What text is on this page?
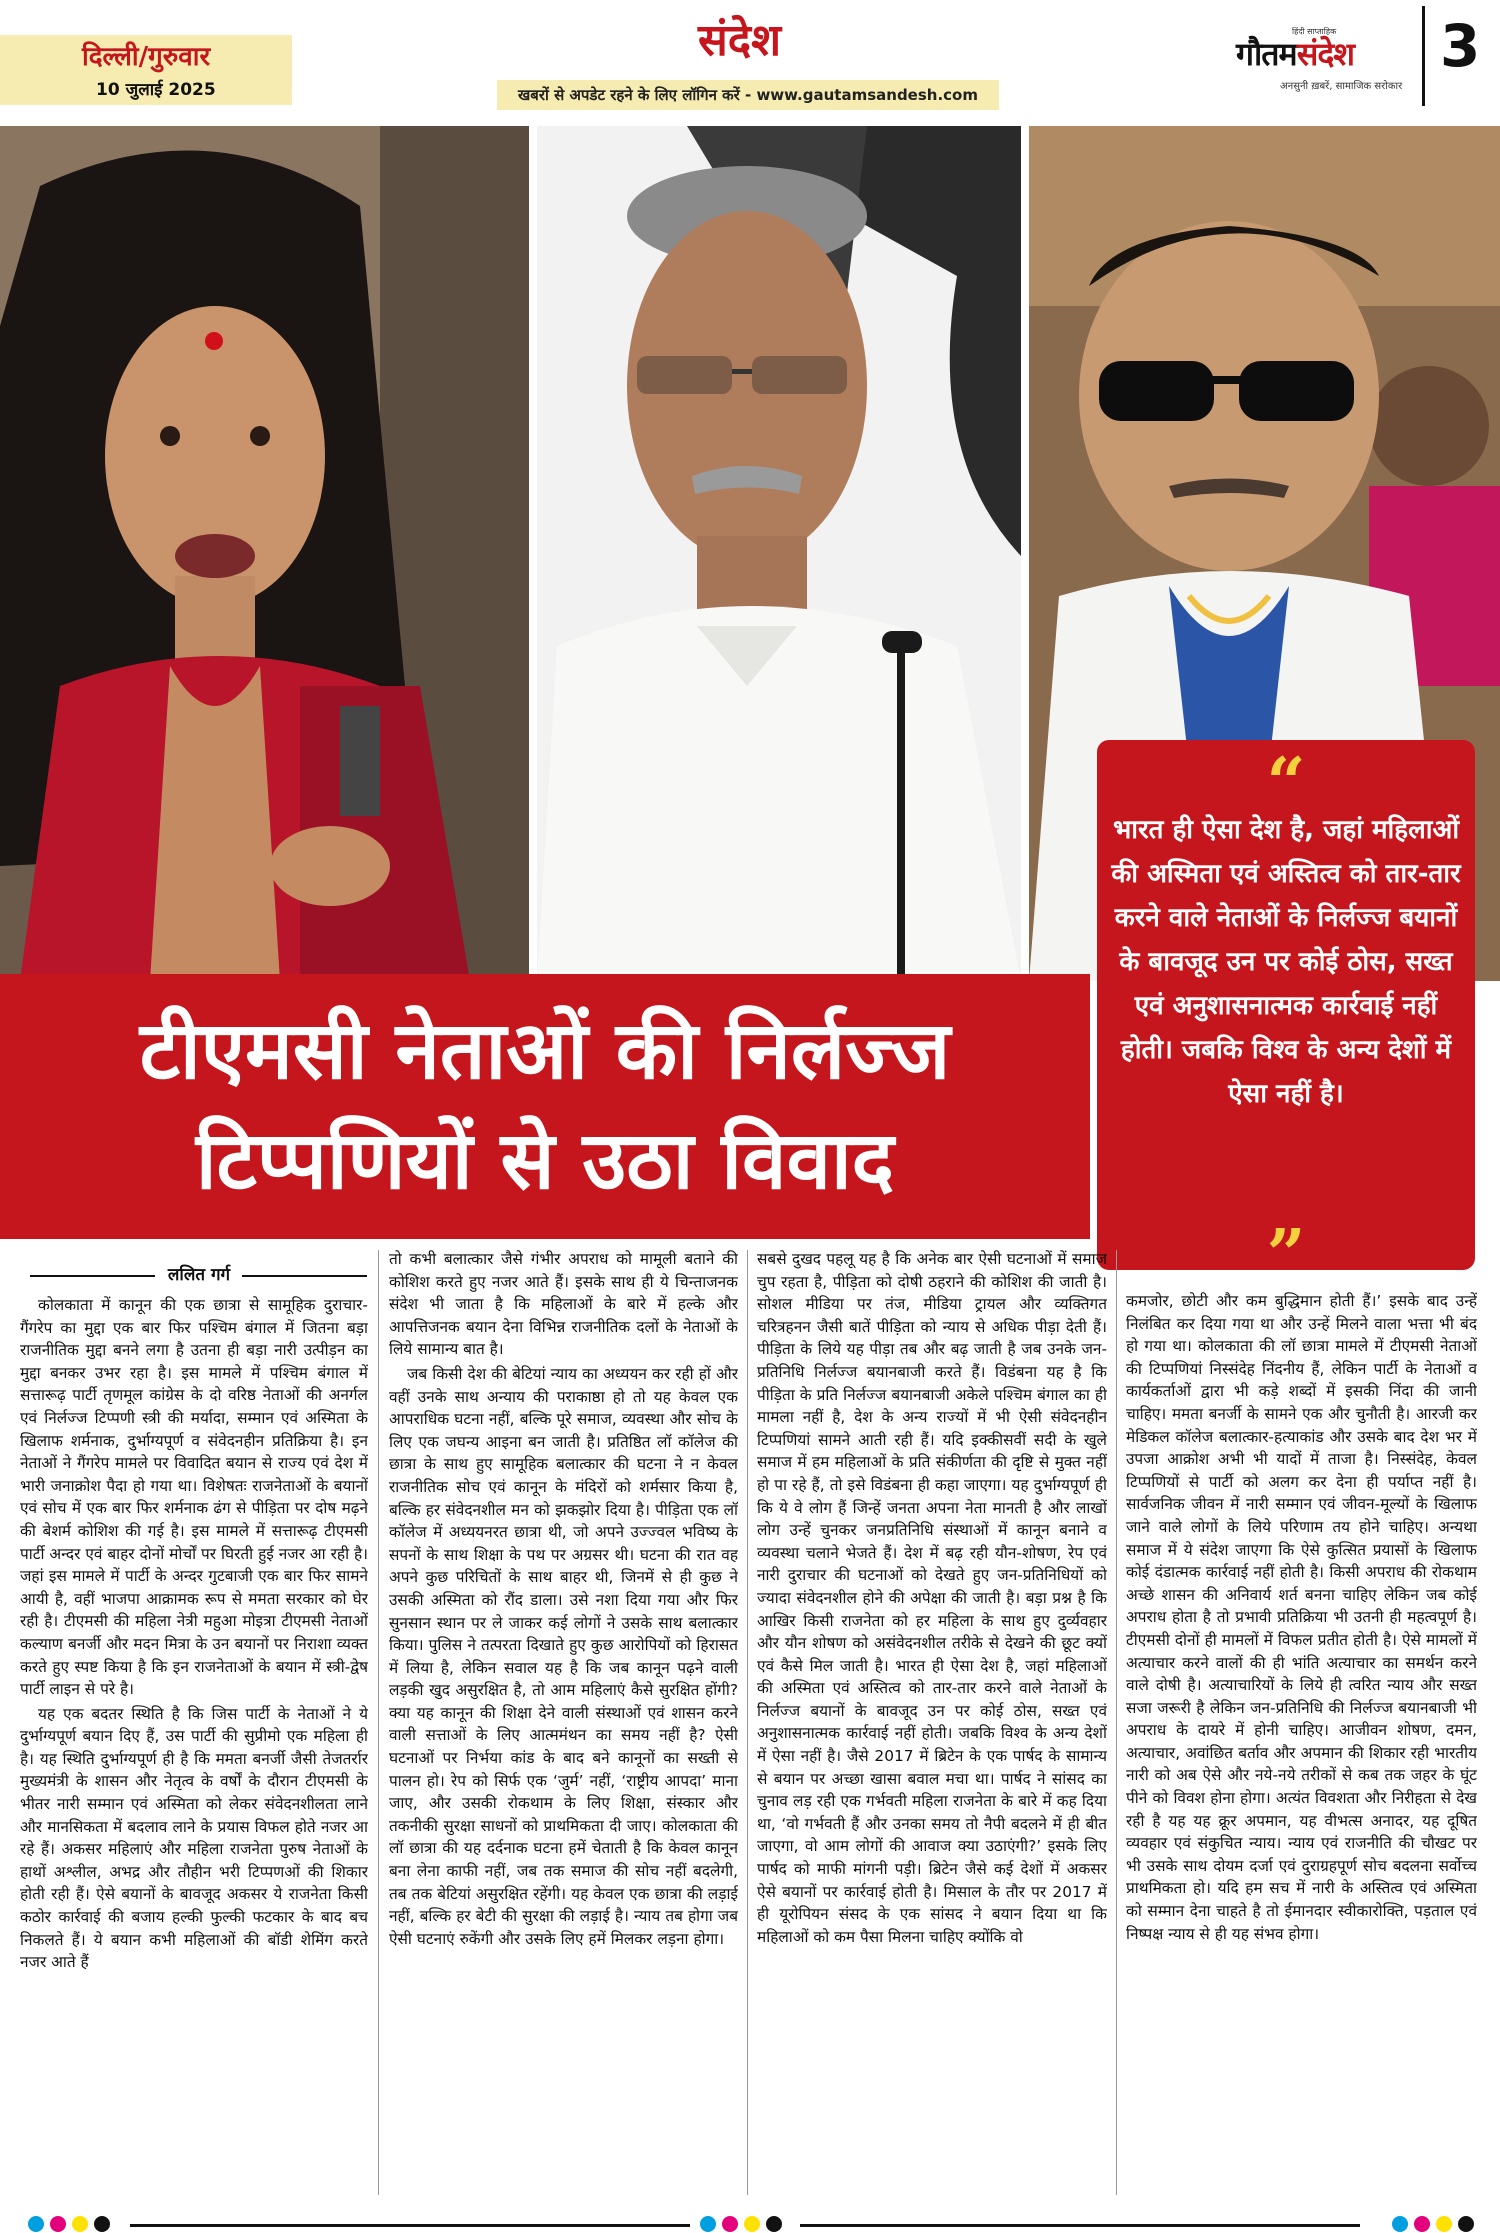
दिल्ली/गुरुवार
10 जुलाई 2025
संदेश
खबरों से अपडेट रहने के लिए लॉगिन करें - www.gautamsandesh.com
हिंदी साप्ताहिक
गौतमसंदेश
अनसुनी ख़बरें, सामाजिक सरोकार
3
टीएमसी नेताओं की निर्लज्ज
टिप्पणियों से उठा विवाद
“
भारत ही ऐसा देश है, जहां महिलाओं की अस्मिता एवं अस्तित्व को तार-तार करने वाले नेताओं के निर्लज्ज बयानों के बावजूद उन पर कोई ठोस, सख्त एवं अनुशासनात्मक कार्रवाई नहीं होती। जबकि विश्व के अन्य देशों में ऐसा नहीं है।
”
ललित गर्ग

कोलकाता में कानून की एक छात्रा से सामूहिक दुराचार-गैंगरेप का मुद्दा एक बार फिर पश्चिम बंगाल में जितना बड़ा राजनीतिक मुद्दा बनने लगा है उतना ही बड़ा नारी उत्पीड़न का मुद्दा बनकर उभर रहा है। इस मामले में पश्चिम बंगाल में सत्तारूढ़ पार्टी तृणमूल कांग्रेस के दो वरिष्ठ नेताओं की अनर्गल एवं निर्लज्ज टिप्पणी स्त्री की मर्यादा, सम्मान एवं अस्मिता के खिलाफ शर्मनाक, दुर्भाग्यपूर्ण व संवेदनहीन प्रतिक्रिया है। इन नेताओं ने गैंगरेप मामले पर विवादित बयान से राज्य एवं देश में भारी जनाक्रोश पैदा हो गया था। विशेषतः राजनेताओं के बयानों एवं सोच में एक बार फिर शर्मनाक ढंग से पीड़िता पर दोष मढ़ने की बेशर्म कोशिश की गई है। इस मामले में सत्तारूढ़ टीएमसी पार्टी अन्दर एवं बाहर दोनों मोर्चों पर घिरती हुई नजर आ रही है। जहां इस मामले में पार्टी के अन्दर गुटबाजी एक बार फिर सामने आयी है, वहीं भाजपा आक्रामक रूप से ममता सरकार को घेर रही है। टीएमसी की महिला नेत्री महुआ मोइत्रा टीएमसी नेताओं कल्याण बनर्जी और मदन मित्रा के उन बयानों पर निराशा व्यक्त करते हुए स्पष्ट किया है कि इन राजनेताओं के बयान में स्त्री-द्वेष पार्टी लाइन से परे है।

यह एक बदतर स्थिति है कि जिस पार्टी के नेताओं ने ये दुर्भाग्यपूर्ण बयान दिए हैं, उस पार्टी की सुप्रीमो एक महिला ही है। यह स्थिति दुर्भाग्यपूर्ण ही है कि ममता बनर्जी जैसी तेजतर्रार मुख्यमंत्री के शासन और नेतृत्व के वर्षों के दौरान टीएमसी के भीतर नारी सम्मान एवं अस्मिता को लेकर संवेदनशीलता लाने और मानसिकता में बदलाव लाने के प्रयास विफल होते नजर आ रहे हैं। अकसर महिलाएं और महिला राजनेता पुरुष नेताओं के हाथों अश्लील, अभद्र और तौहीन भरी टिप्पणओं की शिकार होती रही हैं। ऐसे बयानों के बावजूद अकसर ये राजनेता किसी कठोर कार्रवाई की बजाय हल्की फुल्की फटकार के बाद बच निकलते हैं। ये बयान कभी महिलाओं की बॉडी शेमिंग करते नजर आते हैं

तो कभी बलात्कार जैसे गंभीर अपराध को मामूली बताने की कोशिश करते हुए नजर आते हैं। इसके साथ ही ये चिन्ताजनक संदेश भी जाता है कि महिलाओं के बारे में हल्के और आपत्तिजनक बयान देना विभिन्न राजनीतिक दलों के नेताओं के लिये सामान्य बात है।

जब किसी देश की बेटियां न्याय का अध्ययन कर रही हों और वहीं उनके साथ अन्याय की पराकाष्ठा हो तो यह केवल एक आपराधिक घटना नहीं, बल्कि पूरे समाज, व्यवस्था और सोच के लिए एक जघन्य आइना बन जाती है। प्रतिष्ठित लॉ कॉलेज की छात्रा के साथ हुए सामूहिक बलात्कार की घटना ने न केवल राजनीतिक सोच एवं कानून के मंदिरों को शर्मसार किया है, बल्कि हर संवेदनशील मन को झकझोर दिया है। पीड़िता एक लॉ कॉलेज में अध्ययनरत छात्रा थी, जो अपने उज्ज्वल भविष्य के सपनों के साथ शिक्षा के पथ पर अग्रसर थी। घटना की रात वह अपने कुछ परिचितों के साथ बाहर थी, जिनमें से ही कुछ ने उसकी अस्मिता को रौंद डाला। उसे नशा दिया गया और फिर सुनसान स्थान पर ले जाकर कई लोगों ने उसके साथ बलात्कार किया। पुलिस ने तत्परता दिखाते हुए कुछ आरोपियों को हिरासत में लिया है, लेकिन सवाल यह है कि जब कानून पढ़ने वाली लड़की खुद असुरक्षित है, तो आम महिलाएं कैसे सुरक्षित होंगी? क्या यह कानून की शिक्षा देने वाली संस्थाओं एवं शासन करने वाली सत्ताओं के लिए आत्ममंथन का समय नहीं है? ऐसी घटनाओं पर निर्भया कांड के बाद बने कानूनों का सख्ती से पालन हो। रेप को सिर्फ एक ‘जुर्म’ नहीं, ‘राष्ट्रीय आपदा’ माना जाए, और उसकी रोकथाम के लिए शिक्षा, संस्कार और तकनीकी सुरक्षा साधनों को प्राथमिकता दी जाए। कोलकाता की लॉ छात्रा की यह दर्दनाक घटना हमें चेताती है कि केवल कानून बना लेना काफी नहीं, जब तक समाज की सोच नहीं बदलेगी, तब तक बेटियां असुरक्षित रहेंगी। यह केवल एक छात्रा की लड़ाई नहीं, बल्कि हर बेटी की सुरक्षा की लड़ाई है। न्याय तब होगा जब ऐसी घटनाएं रुकेंगी और उसके लिए हमें मिलकर लड़ना होगा।

सबसे दुखद पहलू यह है कि अनेक बार ऐसी घटनाओं में समाज चुप रहता है, पीड़िता को दोषी ठहराने की कोशिश की जाती है। सोशल मीडिया पर तंज, मीडिया ट्रायल और व्यक्तिगत चरित्रहनन जैसी बातें पीड़िता को न्याय से अधिक पीड़ा देती हैं। पीड़िता के लिये यह पीड़ा तब और बढ़ जाती है जब उनके जन-प्रतिनिधि निर्लज्ज बयानबाजी करते हैं। विडंबना यह है कि पीड़िता के प्रति निर्लज्ज बयानबाजी अकेले पश्चिम बंगाल का ही मामला नहीं है, देश के अन्य राज्यों में भी ऐसी संवेदनहीन टिप्पणियां सामने आती रही हैं। यदि इक्कीसवीं सदी के खुले समाज में हम महिलाओं के प्रति संकीर्णता की दृष्टि से मुक्त नहीं हो पा रहे हैं, तो इसे विडंबना ही कहा जाएगा। यह दुर्भाग्यपूर्ण ही कि ये वे लोग हैं जिन्हें जनता अपना नेता मानती है और लाखों लोग उन्हें चुनकर जनप्रतिनिधि संस्थाओं में कानून बनाने व व्यवस्था चलाने भेजते हैं। देश में बढ़ रही यौन-शोषण, रेप एवं नारी दुराचार की घटनाओं को देखते हुए जन-प्रतिनिधियों को ज्यादा संवेदनशील होने की अपेक्षा की जाती है। बड़ा प्रश्न है कि आखिर किसी राजनेता को हर महिला के साथ हुए दुर्व्यवहार और यौन शोषण को असंवेदनशील तरीके से देखने की छूट क्यों एवं कैसे मिल जाती है। भारत ही ऐसा देश है, जहां महिलाओं की अस्मिता एवं अस्तित्व को तार-तार करने वाले नेताओं के निर्लज्ज बयानों के बावजूद उन पर कोई ठोस, सख्त एवं अनुशासनात्मक कार्रवाई नहीं होती। जबकि विश्व के अन्य देशों में ऐसा नहीं है। जैसे 2017 में ब्रिटेन के एक पार्षद के सामान्य से बयान पर अच्छा खासा बवाल मचा था। पार्षद ने सांसद का चुनाव लड़ रही एक गर्भवती महिला राजनेता के बारे में कह दिया था, ‘वो गर्भवती हैं और उनका समय तो नैपी बदलने में ही बीत जाएगा, वो आम लोगों की आवाज क्या उठाएंगी?’ इसके लिए पार्षद को माफी मांगनी पड़ी। ब्रिटेन जैसे कई देशों में अकसर ऐसे बयानों पर कार्रवाई होती है। मिसाल के तौर पर 2017 में ही यूरोपियन संसद के एक सांसद ने बयान दिया था कि महिलाओं को कम पैसा मिलना चाहिए क्योंकि वो

कमजोर, छोटी और कम बुद्धिमान होती हैं।’ इसके बाद उन्हें निलंबित कर दिया गया था और उन्हें मिलने वाला भत्ता भी बंद हो गया था। कोलकाता की लॉ छात्रा मामले में टीएमसी नेताओं की टिप्पणियां निस्संदेह निंदनीय हैं, लेकिन पार्टी के नेताओं व कार्यकर्ताओं द्वारा भी कड़े शब्दों में इसकी निंदा की जानी चाहिए। ममता बनर्जी के सामने एक और चुनौती है। आरजी कर मेडिकल कॉलेज बलात्कार-हत्याकांड और उसके बाद देश भर में उपजा आक्रोश अभी भी यादों में ताजा है। निस्संदेह, केवल टिप्पणियों से पार्टी को अलग कर देना ही पर्याप्त नहीं है। सार्वजनिक जीवन में नारी सम्मान एवं जीवन-मूल्यों के खिलाफ जाने वाले लोगों के लिये परिणाम तय होने चाहिए। अन्यथा समाज में ये संदेश जाएगा कि ऐसे कुत्सित प्रयासों के खिलाफ कोई दंडात्मक कार्रवाई नहीं होती है। किसी अपराध की रोकथाम अच्छे शासन की अनिवार्य शर्त बनना चाहिए लेकिन जब कोई अपराध होता है तो प्रभावी प्रतिक्रिया भी उतनी ही महत्वपूर्ण है। टीएमसी दोनों ही मामलों में विफल प्रतीत होती है। ऐसे मामलों में अत्याचार करने वालों की ही भांति अत्याचार का समर्थन करने वाले दोषी है। अत्याचारियों के लिये ही त्वरित न्याय और सख्त सजा जरूरी है लेकिन जन-प्रतिनिधि की निर्लज्ज बयानबाजी भी अपराध के दायरे में होनी चाहिए। आजीवन शोषण, दमन, अत्याचार, अवांछित बर्ताव और अपमान की शिकार रही भारतीय नारी को अब ऐसे और नये-नये तरीकों से कब तक जहर के घूंट पीने को विवश होना होगा। अत्यंत विवशता और निरीहता से देख रही है यह यह क्रूर अपमान, यह वीभत्स अनादर, यह दूषित व्यवहार एवं संकुचित न्याय। न्याय एवं राजनीति की चौखट पर भी उसके साथ दोयम दर्जा एवं दुराग्रहपूर्ण सोच बदलना सर्वोच्च प्राथमिकता हो। यदि हम सच में नारी के अस्तित्व एवं अस्मिता को सम्मान देना चाहते है तो ईमानदार स्वीकारोक्ति, पड़ताल एवं निष्पक्ष न्याय से ही यह संभव होगा।
